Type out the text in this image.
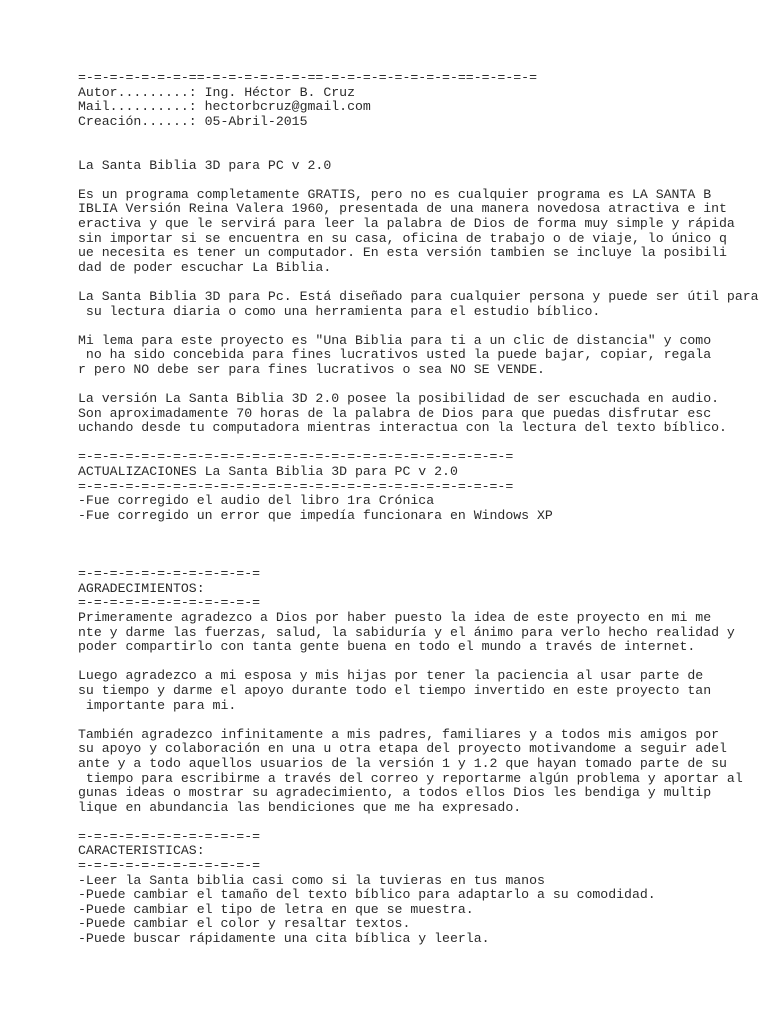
=-=-=-=-=-=-=-==-=-=-=-=-=-=-==-=-=-=-=-=-=-=-=-==-=-=-=-=
Autor.........: Ing. Héctor B. Cruz
Mail..........: hectorbcruz@gmail.com
Creación......: 05-Abril-2015
La Santa Biblia 3D para PC v 2.0
Es un programa completamente GRATIS, pero no es cualquier programa es LA SANTA B
IBLIA Versión Reina Valera 1960, presentada de una manera novedosa atractiva e int
eractiva y que le servirá para leer la palabra de Dios de forma muy simple y rápida
sin importar si se encuentra en su casa, oficina de trabajo o de viaje, lo único q
ue necesita es tener un computador. En esta versión tambien se incluye la posibili
dad de poder escuchar La Biblia.
La Santa Biblia 3D para Pc. Está diseñado para cualquier persona y puede ser útil para
su lectura diaria o como una herramienta para el estudio bíblico.
Mi lema para este proyecto es "Una Biblia para ti a un clic de distancia" y como
no ha sido concebida para fines lucrativos usted la puede bajar, copiar, regala
r pero NO debe ser para fines lucrativos o sea NO SE VENDE.
La versión La Santa Biblia 3D 2.0 posee la posibilidad de ser escuchada en audio.
Son aproximadamente 70 horas de la palabra de Dios para que puedas disfrutar esc
uchando desde tu computadora mientras interactua con la lectura del texto bíblico.
=-=-=-=-=-=-=-=-=-=-=-=-=-=-=-=-=-=-=-=-=-=-=-=-=-=-=-=
ACTUALIZACIONES La Santa Biblia 3D para PC v 2.0
=-=-=-=-=-=-=-=-=-=-=-=-=-=-=-=-=-=-=-=-=-=-=-=-=-=-=-=
-Fue corregido el audio del libro 1ra Crónica
-Fue corregido un error que impedía funcionara en Windows XP
=-=-=-=-=-=-=-=-=-=-=-=
AGRADECIMIENTOS:
=-=-=-=-=-=-=-=-=-=-=-=
Primeramente agradezco a Dios por haber puesto la idea de este proyecto en mi me
nte y darme las fuerzas, salud, la sabiduría y el ánimo para verlo hecho realidad y
poder compartirlo con tanta gente buena en todo el mundo a través de internet.
Luego agradezco a mi esposa y mis hijas por tener la paciencia al usar parte de
su tiempo y darme el apoyo durante todo el tiempo invertido en este proyecto tan
importante para mi.
También agradezco infinitamente a mis padres, familiares y a todos mis amigos por
su apoyo y colaboración en una u otra etapa del proyecto motivandome a seguir adel
ante y a todo aquellos usuarios de la versión 1 y 1.2 que hayan tomado parte de su
tiempo para escribirme a través del correo y reportarme algún problema y aportar al
gunas ideas o mostrar su agradecimiento, a todos ellos Dios les bendiga y multip
lique en abundancia las bendiciones que me ha expresado.
=-=-=-=-=-=-=-=-=-=-=-=
CARACTERISTICAS:
=-=-=-=-=-=-=-=-=-=-=-=
-Leer la Santa biblia casi como si la tuvieras en tus manos
-Puede cambiar el tamaño del texto bíblico para adaptarlo a su comodidad.
-Puede cambiar el tipo de letra en que se muestra.
-Puede cambiar el color y resaltar textos.
-Puede buscar rápidamente una cita bíblica y leerla.
